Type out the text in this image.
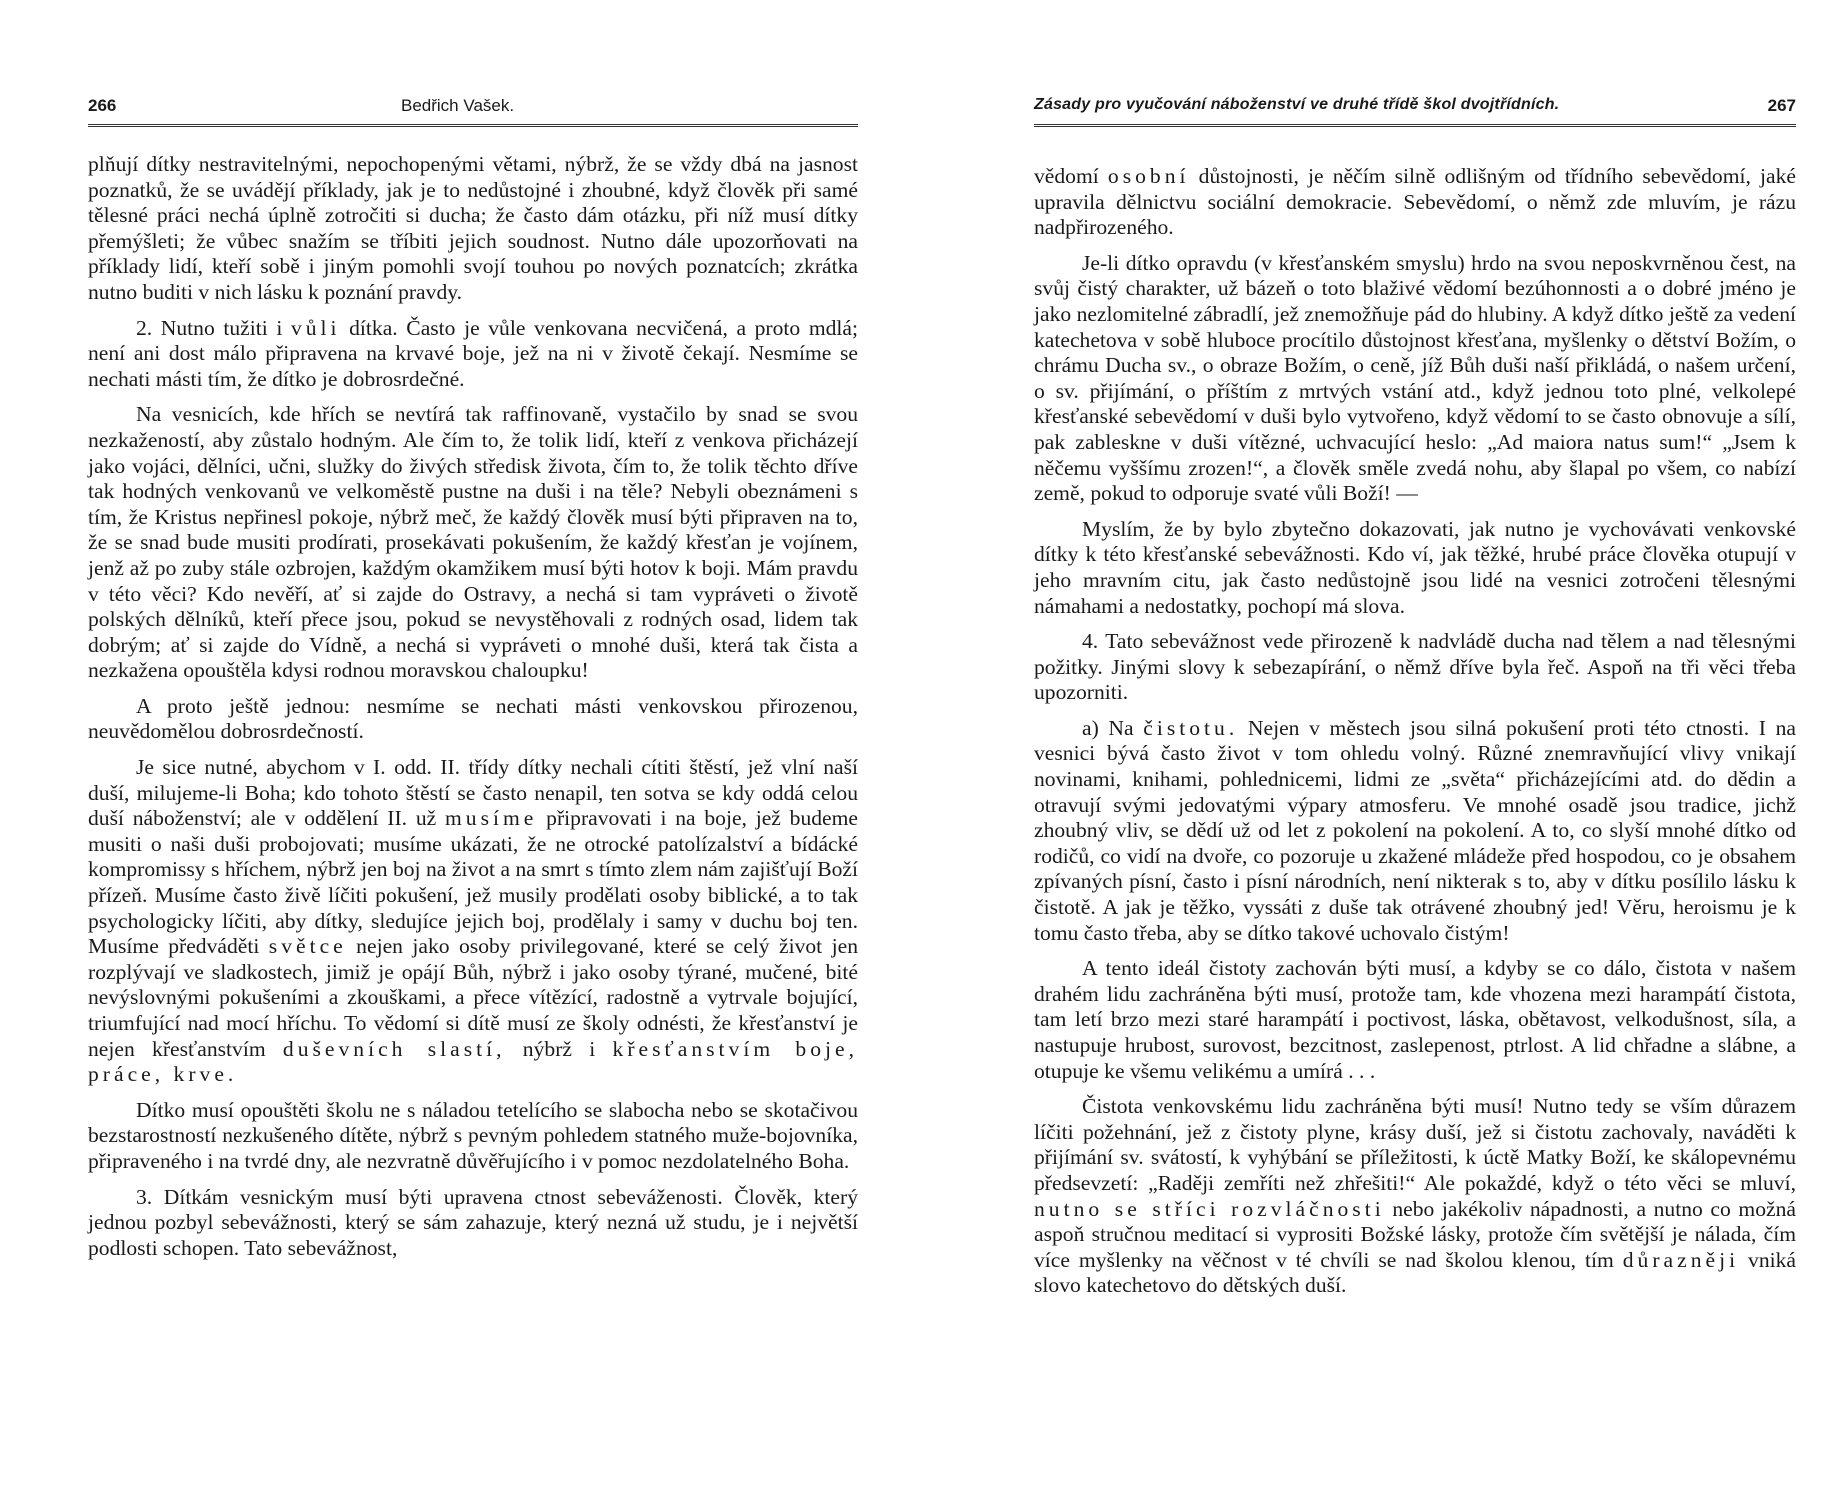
266	Bedřich Vašek.

plňují dítky nestravitelnými, nepochopenými větami, nýbrž, že se vždy dbá na jasnost poznatků, že se uvádějí příklady, jak je to nedůstojné i zhoubné, když člověk při samé tělesné práci nechá úplně zotročiti si ducha; že často dám otázku, při níž musí dítky přemýšleti; že vůbec snažím se tříbiti jejich soudnost. Nutno dále upozorňovati na příklady lidí, kteří sobě i jiným pomohli svojí touhou po nových poznatcích; zkrátka nutno buditi v nich lásku k poznání pravdy.

2. Nutno tužiti i vůli dítka. Často je vůle venkovana necvičená, a proto mdlá; není ani dost málo připravena na krvavé boje, jež na ni v životě čekají. Nesmíme se nechati másti tím, že dítko je dobrosrdečné.

Na vesnicích, kde hřích se nevtírá tak raffinovaně, vystačilo by snad se svou nezkažeností, aby zůstalo hodným. Ale čím to, že tolik lidí, kteří z venkova přicházejí jako vojáci, dělníci, učni, služky do živých středisk života, čím to, že tolik těchto dříve tak hodných venkovanů ve velkoměstě pustne na duši i na těle? Nebyli obeznámeni s tím, že Kristus nepřinesl pokoje, nýbrž meč, že každý člověk musí býti připraven na to, že se snad bude musiti prodírati, prosekávati pokušením, že každý křesťan je vojínem, jenž až po zuby stále ozbrojen, každým okamžikem musí býti hotov k boji. Mám pravdu v této věci? Kdo nevěří, ať si zajde do Ostravy, a nechá si tam vypráveti o životě polských dělníků, kteří přece jsou, pokud se nevystěhovali z rodných osad, lidem tak dobrým; ať si zajde do Vídně, a nechá si vypráveti o mnohé duši, která tak čista a nezkažena opouštěla kdysi rodnou moravskou chaloupku!

A proto ještě jednou: nesmíme se nechati másti venkovskou přirozenou, neuvědomělou dobrosrdečností.

Je sice nutné, abychom v I. odd. II. třídy dítky nechali cítiti štěstí, jež vlní naší duší, milujeme-li Boha; kdo tohoto štěstí se často nenapil, ten sotva se kdy oddá celou duší náboženství; ale v oddělení II. už musíme připravovati i na boje, jež budeme musiti o naši duši probojovati; musíme ukázati, že ne otrocké patolízalství a bídácké kompromissy s hříchem, nýbrž jen boj na život a na smrt s tímto zlem nám zajišťují Boží přízeň. Musíme často živě líčiti pokušení, jež musily prodělati osoby biblické, a to tak psychologicky líčiti, aby dítky, sledujíce jejich boj, prodělaly i samy v duchu boj ten. Musíme předváděti světce nejen jako osoby privilegované, které se celý život jen rozplývají ve sladkostech, jimiž je opájí Bůh, nýbrž i jako osoby týrané, mučené, bité nevýslovnými pokušeními a zkouškami, a přece vítězící, radostně a vytrvale bojující, triumfující nad mocí hříchu. To vědomí si dítě musí ze školy odnésti, že křesťanství je nejen křesťanstvím duševních slastí, nýbrž i křesťanstvím boje, práce, krve.

Dítko musí opouštěti školu ne s náladou tetelícího se slabocha nebo se skotačivou bezstarostností nezkušeného dítěte, nýbrž s pevným pohledem statného muže-bojovníka, připraveného i na tvrdé dny, ale nezvratně důvěřujícího i v pomoc nezdolatelného Boha.

3. Dítkám vesnickým musí býti upravena ctnost sebeváženosti. Člověk, který jednou pozbyl sebevážnosti, který se sám zahazuje, který nezná už studu, je i největší podlosti schopen. Tato sebevážnost,

Zásady pro vyučování náboženství ve druhé třídě škol dvojtřídních.	267

vědomí osobní důstojnosti, je něčím silně odlišným od třídního sebevědomí, jaké upravila dělnictvu sociální demokracie. Sebevědomí, o němž zde mluvím, je rázu nadpřirozeného.

Je-li dítko opravdu (v křesťanském smyslu) hrdo na svou neposkvrněnou čest, na svůj čistý charakter, už bázeň o toto blaživé vědomí bezúhonnosti a o dobré jméno je jako nezlomitelné zábradlí, jež znemožňuje pád do hlubiny. A když dítko ještě za vedení katechetova v sobě hluboce procítilo důstojnost křesťana, myšlenky o dětství Božím, o chrámu Ducha sv., o obraze Božím, o ceně, jíž Bůh duši naší přikládá, o našem určení, o sv. přijímání, o příštím z mrtvých vstání atd., když jednou toto plné, velkolepé křesťanské sebevědomí v duši bylo vytvořeno, když vědomí to se často obnovuje a sílí, pak zableskne v duši vítězné, uchvacující heslo: „Ad maiora natus sum!“ „Jsem k něčemu vyššímu zrozen!“, a člověk směle zvedá nohu, aby šlapal po všem, co nabízí země, pokud to odporuje svaté vůli Boží! —

Myslím, že by bylo zbytečno dokazovati, jak nutno je vychovávati venkovské dítky k této křesťanské sebevážnosti. Kdo ví, jak těžké, hrubé práce člověka otupují v jeho mravním citu, jak často nedůstojně jsou lidé na vesnici zotročeni tělesnými námahami a nedostatky, pochopí má slova.

4. Tato sebevážnost vede přirozeně k nadvládě ducha nad tělem a nad tělesnými požitky. Jinými slovy k sebezapírání, o němž dříve byla řeč. Aspoň na tři věci třeba upozorniti.

a) Na čistotu. Nejen v městech jsou silná pokušení proti této ctnosti. I na vesnici bývá často život v tom ohledu volný. Různé znemravňující vlivy vnikají novinami, knihami, pohlednicemi, lidmi ze „světa“ přicházejícími atd. do dědin a otravují svými jedovatými výpary atmosferu. Ve mnohé osadě jsou tradice, jichž zhoubný vliv, se dědí už od let z pokolení na pokolení. A to, co slyší mnohé dítko od rodičů, co vidí na dvoře, co pozoruje u zkažené mládeže před hospodou, co je obsahem zpívaných písní, často i písní národních, není nikterak s to, aby v dítku posílilo lásku k čistotě. A jak je těžko, vyssáti z duše tak otrávené zhoubný jed! Věru, heroismu je k tomu často třeba, aby se dítko takové uchovalo čistým!

A tento ideál čistoty zachován býti musí, a kdyby se co dálo, čistota v našem drahém lidu zachráněna býti musí, protože tam, kde vhozena mezi harampátí čistota, tam letí brzo mezi staré harampátí i poctivost, láska, obětavost, velkodušnost, síla, a nastupuje hrubost, surovost, bezcitnost, zaslepenost, ptrlost. A lid chřadne a slábne, a otupuje ke všemu velikému a umírá . . .

Čistota venkovskému lidu zachráněna býti musí! Nutno tedy se vším důrazem líčiti požehnání, jež z čistoty plyne, krásy duší, jež si čistotu zachovaly, naváděti k přijímání sv. svátostí, k vyhýbání se příležitosti, k úctě Matky Boží, ke skálopevnému předsevzetí: „Raději zemříti než zhřešiti!“ Ale pokaždé, když o této věci se mluví, nutno se stříci rozvláčnosti nebo jakékoliv nápadnosti, a nutno co možná aspoň stručnou meditací si vyprositi Božské lásky, protože čím světější je nálada, čím více myšlenky na věčnost v té chvíli se nad školou klenou, tím důrazněji vniká slovo katechetovo do dětských duší.
